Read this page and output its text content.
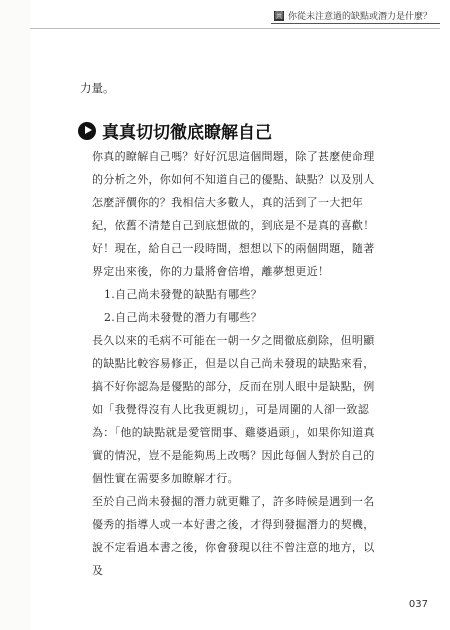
圖 你從未注意過的缺點或潛力是什麼？
力量。
真真切切徹底瞭解自己

你真的瞭解自己嗎？好好沉思這個問題，除了甚麼使命理的分析之外，你如何不知道自己的優點、缺點？以及別人怎麼評價你的？我相信大多數人，真的活到了一大把年紀，依舊不清楚自己到底想做的，到底是不是真的喜歡！

好！現在，給自己一段時間，想想以下的兩個問題，隨著界定出來後，你的力量將會倍增，離夢想更近！

1.自己尚未發覺的缺點有哪些？

2.自己尚未發覺的潛力有哪些？

長久以來的毛病不可能在一朝一夕之間徹底剷除，但明顯的缺點比較容易修正，但是以自己尚未發現的缺點來看，搞不好你認為是優點的部分，反而在別人眼中是缺點，例如「我覺得沒有人比我更親切」，可是周圍的人卻一致認為：「他的缺點就是愛管閒事、雞婆過頭」，如果你知道真實的情況，豈不是能夠馬上改嗎？因此每個人對於自己的個性實在需要多加瞭解才行。

至於自己尚未發掘的潛力就更難了，許多時候是遇到一名優秀的指導人或一本好書之後，才得到發掘潛力的契機，說不定看過本書之後，你會發現以往不曾注意的地方，以及

037
